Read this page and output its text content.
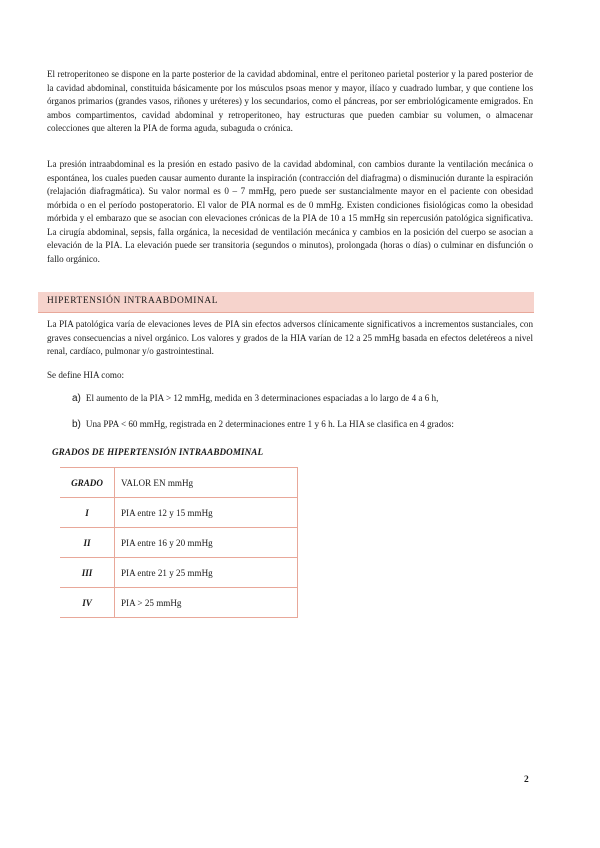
El retroperitoneo se dispone en la parte posterior de la cavidad abdominal, entre el peritoneo parietal posterior y la pared posterior de la cavidad abdominal, constituida básicamente por los músculos psoas menor y mayor, ilíaco y cuadrado lumbar, y que contiene los órganos primarios (grandes vasos, riñones y uréteres) y los secundarios, como el páncreas, por ser embriológicamente emigrados. En ambos compartimentos, cavidad abdominal y retroperitoneo, hay estructuras que pueden cambiar su volumen, o almacenar colecciones que alteren la PIA de forma aguda, subaguda o crónica.

La presión intraabdominal es la presión en estado pasivo de la cavidad abdominal, con cambios durante la ventilación mecánica o espontánea, los cuales pueden causar aumento durante la inspiración (contracción del diafragma) o disminución durante la espiración (relajación diafragmática). Su valor normal es 0 – 7 mmHg, pero puede ser sustancialmente mayor en el paciente con obesidad mórbida o en el período postoperatorio. El valor de PIA normal es de 0 mmHg. Existen condiciones fisiológicas como la obesidad mórbida y el embarazo que se asocian con elevaciones crónicas de la PIA de 10 a 15 mmHg sin repercusión patológica significativa. La cirugía abdominal, sepsis, falla orgánica, la necesidad de ventilación mecánica y cambios en la posición del cuerpo se asocian a elevación de la PIA. La elevación puede ser transitoria (segundos o minutos), prolongada (horas o días) o culminar en disfunción o fallo orgánico.

HIPERTENSIÓN INTRAABDOMINAL

La PIA patológica varía de elevaciones leves de PIA sin efectos adversos clínicamente significativos a incrementos sustanciales, con graves consecuencias a nivel orgánico. Los valores y grados de la HIA varían de 12 a 25 mmHg basada en efectos deletéreos a nivel renal, cardíaco, pulmonar y/o gastrointestinal.

Se define HIA como:
a) El aumento de la PIA > 12 mmHg, medida en 3 determinaciones espaciadas a lo largo de 4 a 6 h,
b) Una PPA < 60 mmHg, registrada en 2 determinaciones entre 1 y 6 h. La HIA se clasifica en 4 grados:
GRADOS DE HIPERTENSIÓN INTRAABDOMINAL
GRADO	VALOR EN mmHg
I	PIA entre 12 y 15 mmHg
II	PIA entre 16 y 20 mmHg
III	PIA entre 21 y 25 mmHg
IV	PIA > 25 mmHg
2
